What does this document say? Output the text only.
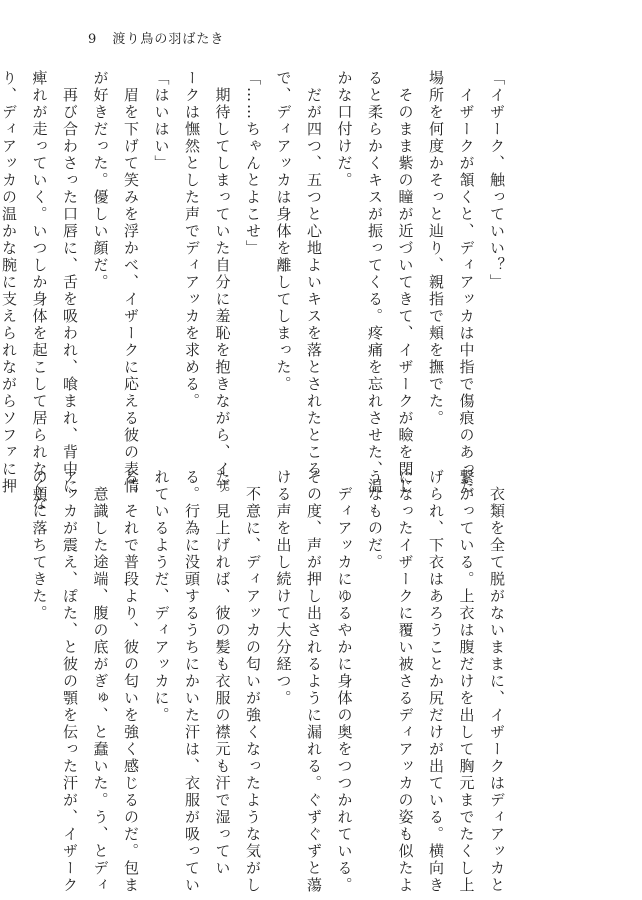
9 渡り鳥の羽ばたき
「イザーク、触っていい？」
　イザークが頷くと、ディアッカは中指で傷痕のあった
場所を何度かそっと辿り、親指で頬を撫でた。
　そのまま紫の瞳が近づいてきて、イザークが瞼を閉じ
ると柔らかくキスが振ってくる。疼痛を忘れさせた、温
かな口付けだ。
　だが四つ、五つと心地よいキスを落とされたところ
で、ディアッカは身体を離してしまった。
「……ちゃんとよこせ」
　期待してしまっていた自分に羞恥を抱きながら、イザ
ークは憮然とした声でディアッカを求める。
「はいはい」
　眉を下げて笑みを浮かべ、イザークに応える彼の表情
が好きだった。優しい顔だ。
　再び合わさった口唇に、舌を吸われ、喰まれ、背中に
痺れが走っていく。いつしか身体を起こして居られなくな
り、ディアッカの温かな腕に支えられながらソファに押
　衣類を全て脱がないままに、イザークはディアッカと
繋がっている。上衣は腹だけを出して胸元までたくし上
げられ、下衣はあろうことか尻だけが出ている。横向き
になったイザークに覆い被さるディアッカの姿も似たよ
うなものだ。
　ディアッカにゆるやかに身体の奥をつつかれている。
その度、声が押し出されるように漏れる。ぐずぐずと蕩
ける声を出し続けて大分経つ。
　不意に、ディアッカの匂いが強くなったような気がし
た。見上げれば、彼の髪も衣服の襟元も汗で湿ってい
る。行為に没頭するうちにかいた汗は、衣服が吸ってい
れているようだ、ディアッカに。
る。それで普段より、彼の匂いを強く感じるのだ。包ま
　意識した途端、腹の底がぎゅ、と蠢いた。う、とディ
アッカが震え、ぽた、と彼の顎を伝った汗が、イザーク
の頬に落ちてきた。
